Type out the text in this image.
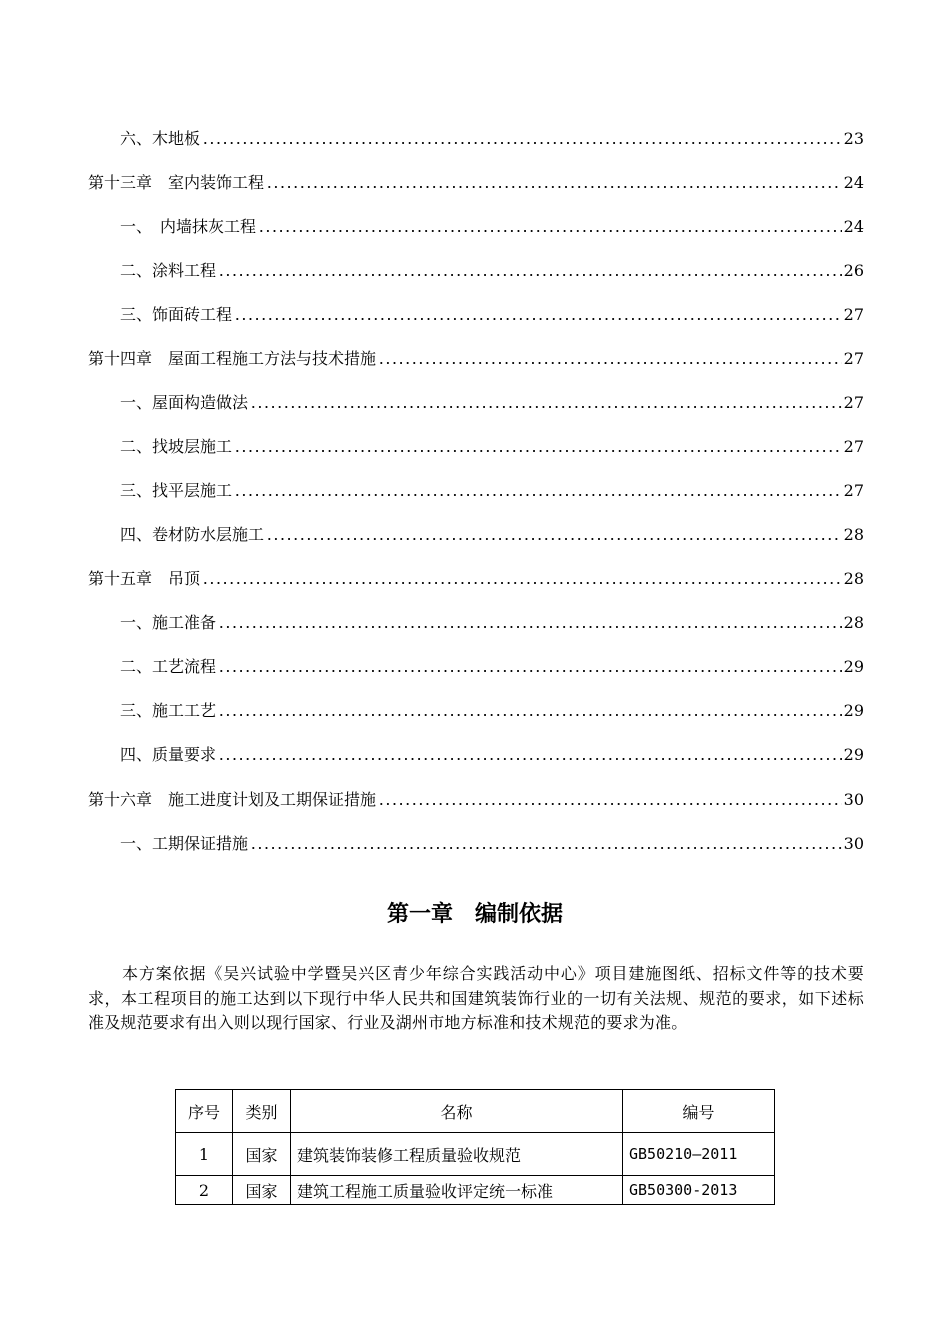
六、木地板	23
第十三章　室内装饰工程	24
一、　内墙抹灰工程	24
二、涂料工程	26
三、饰面砖工程	27
第十四章　屋面工程施工方法与技术措施	27
一、屋面构造做法	27
二、找坡层施工	27
三、找平层施工	27
四、卷材防水层施工	28
第十五章　吊顶	28
一、施工准备	28
二、工艺流程	29
三、施工工艺	29
四、质量要求	29
第十六章　施工进度计划及工期保证措施	30
一、工期保证措施	30
第一章　编制依据
本方案依据《吴兴试验中学暨吴兴区青少年综合实践活动中心》项目建施图纸、招标文件等的技术要求，本工程项目的施工达到以下现行中华人民共和国建筑装饰行业的一切有关法规、规范的要求，如下述标准及规范要求有出入则以现行国家、行业及湖州市地方标准和技术规范的要求为准。
序号	类别	名称	编号
1	国家	建筑装饰装修工程质量验收规范	GB50210—2011
2	国家	建筑工程施工质量验收评定统一标准	GB50300-2013
